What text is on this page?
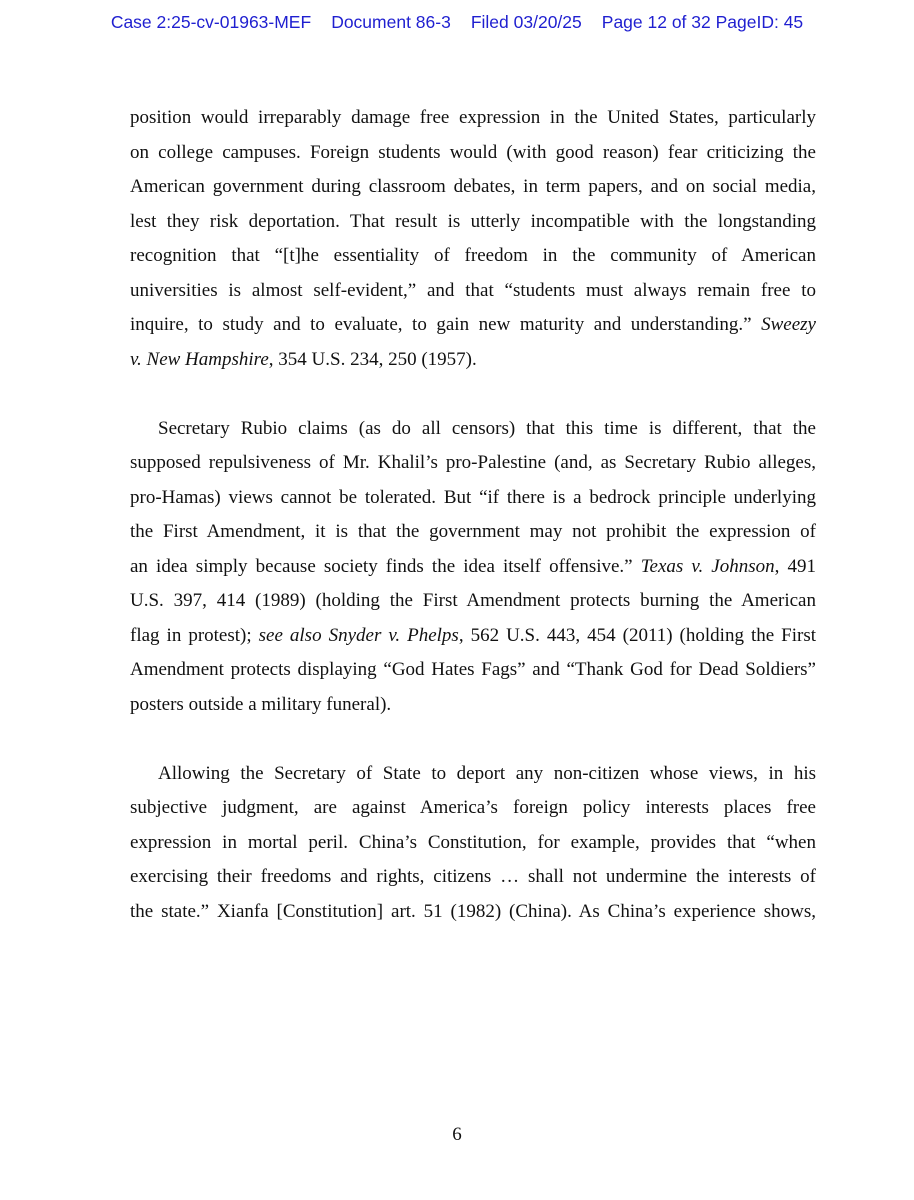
Case 2:25-cv-01963-MEF Document 86-3 Filed 03/20/25 Page 12 of 32 PageID: 45
position would irreparably damage free expression in the United States, particularly
on college campuses. Foreign students would (with good reason) fear criticizing the
American government during classroom debates, in term papers, and on social media,
lest they risk deportation. That result is utterly incompatible with the longstanding
recognition that “[t]he essentiality of freedom in the community of American
universities is almost self-evident,” and that “students must always remain free to
inquire, to study and to evaluate, to gain new maturity and understanding.” Sweezy
v. New Hampshire, 354 U.S. 234, 250 (1957).
Secretary Rubio claims (as do all censors) that this time is different, that the
supposed repulsiveness of Mr. Khalil’s pro-Palestine (and, as Secretary Rubio alleges,
pro-Hamas) views cannot be tolerated. But “if there is a bedrock principle underlying
the First Amendment, it is that the government may not prohibit the expression of
an idea simply because society finds the idea itself offensive.” Texas v. Johnson, 491
U.S. 397, 414 (1989) (holding the First Amendment protects burning the American
flag in protest); see also Snyder v. Phelps, 562 U.S. 443, 454 (2011) (holding the First
Amendment protects displaying “God Hates Fags” and “Thank God for Dead Soldiers”
posters outside a military funeral).
Allowing the Secretary of State to deport any non-citizen whose views, in his
subjective judgment, are against America’s foreign policy interests places free
expression in mortal peril. China’s Constitution, for example, provides that “when
exercising their freedoms and rights, citizens … shall not undermine the interests of
the state.” Xianfa [Constitution] art. 51 (1982) (China). As China’s experience shows,
6
